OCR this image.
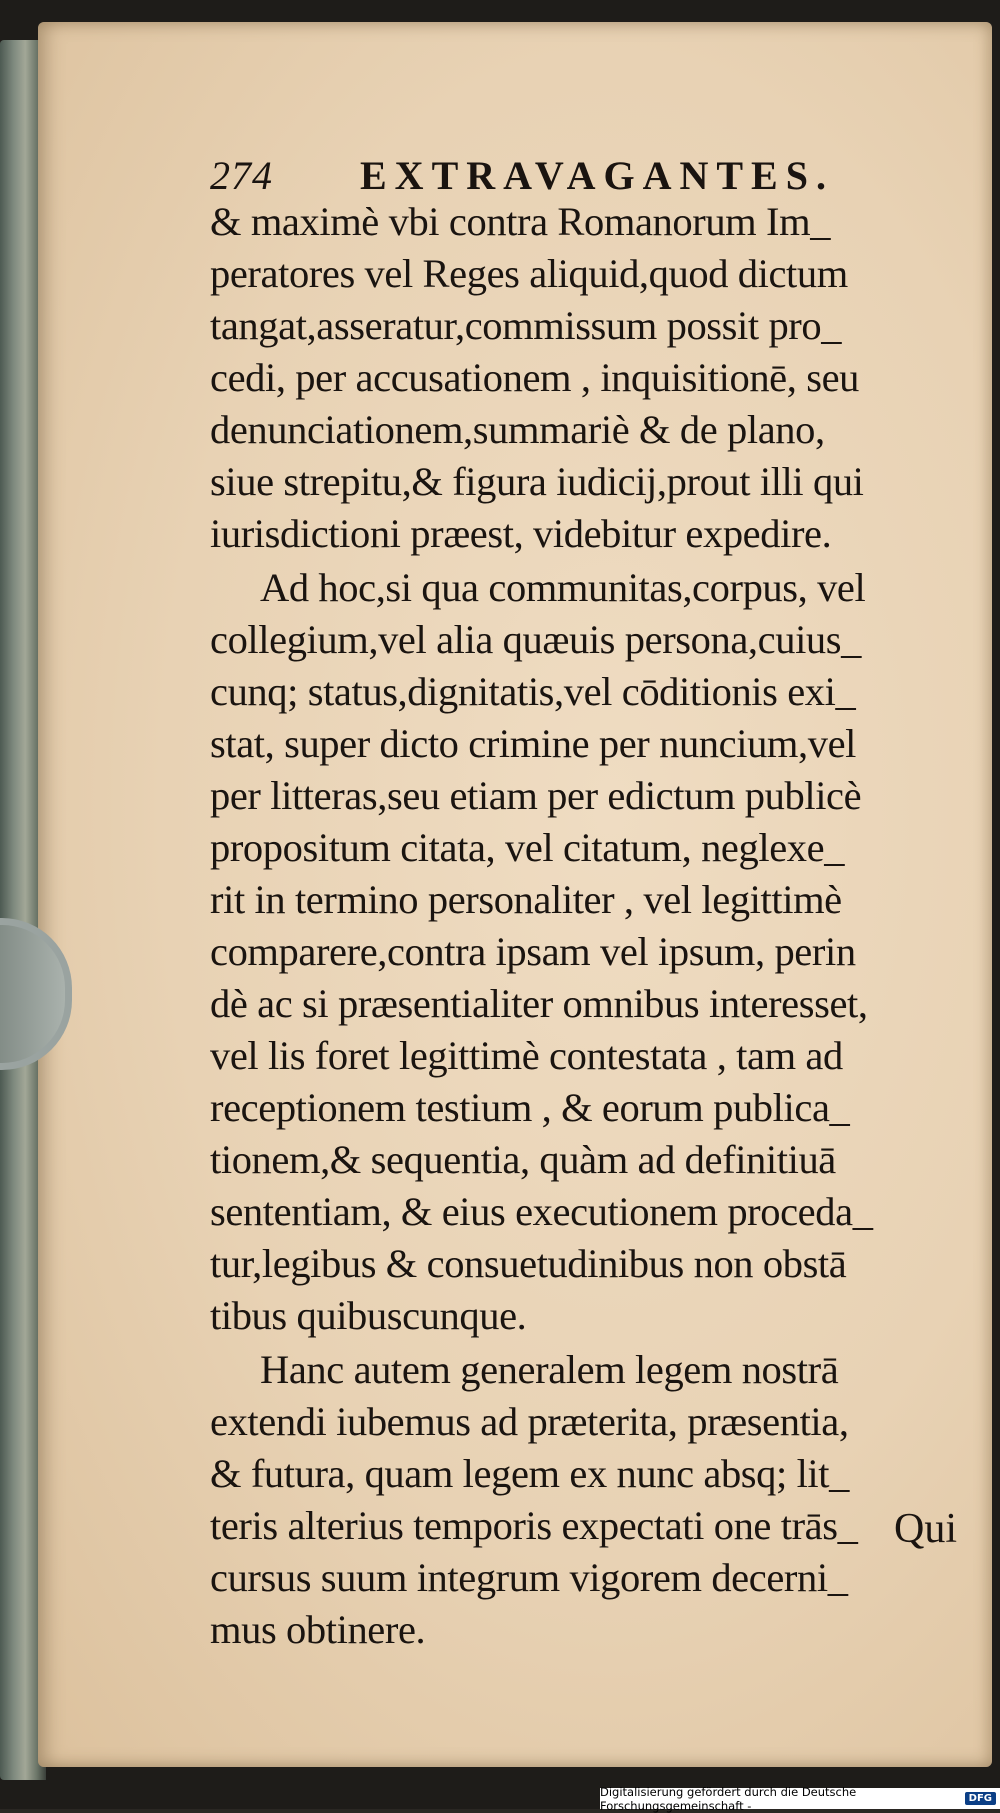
274 EXTRAVAGANTES.
& maximè vbi contra Romanorum Im_
peratores vel Reges aliquid,quod dictum
tangat,asseratur,commissum possit pro_
cedi, per accusationem , inquisitionē, seu
denunciationem,summariè & de plano,
siue strepitu,& figura iudicij,prout illi qui
iurisdictioni præest, videbitur expedire.
Ad hoc,si qua communitas,corpus, vel
collegium,vel alia quæuis persona,cuius_
cunq; status,dignitatis,vel cōditionis exi_
stat, super dicto crimine per nuncium,vel
per litteras,seu etiam per edictum publicè
propositum citata, vel citatum, neglexe_
rit in termino personaliter , vel legittimè
comparere,contra ipsam vel ipsum, perin
dè ac si præsentialiter omnibus interesset,
vel lis foret legittimè contestata , tam ad
receptionem testium , & eorum publica_
tionem,& sequentia, quàm ad definitiuā
sententiam, & eius executionem proceda_
tur,legibus & consuetudinibus non obstā
tibus quibuscunque.
Hanc autem generalem legem nostrā
extendi iubemus ad præterita, præsentia,
& futura, quam legem ex nunc absq; lit_
teris alterius temporis expectati one trās_
cursus suum integrum vigorem decerni_
mus obtinere.
Qui
Digitalisierung gefördert durch die Deutsche Forschungsgemeinschaft -	DFG
